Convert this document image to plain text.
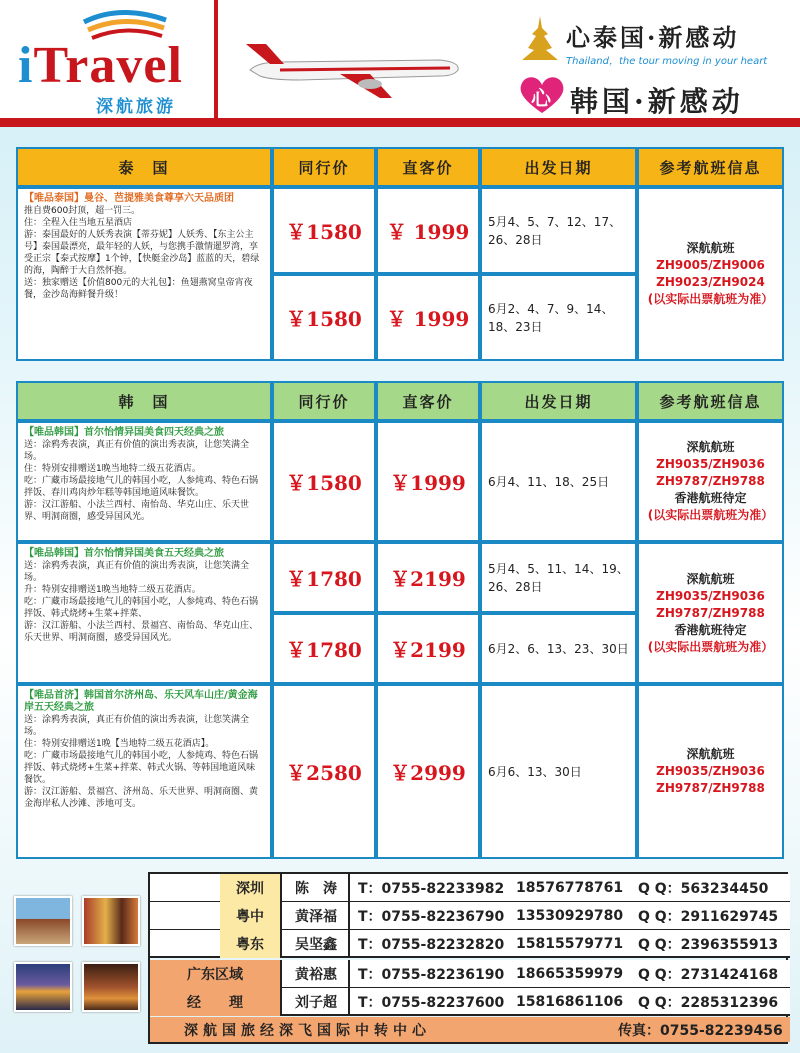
iTravel
深航旅游
心泰国·新感动
Thailand，the tour moving in your heart
心 韩国·新感动
泰　国	同行价	直客价	出发日期	参考航班信息
【唯品泰国】曼谷、芭提雅美食尊享六天品质团
推自费600封顶，超一罚三。
住：全程入住当地五星酒店
游：泰国最好的人妖秀表演【蒂芬妮】人妖秀、【东主公主号】泰国最漂亮，最年轻的人妖，与您携手激情暹罗湾，享受正宗【泰式按摩】1个钟，【快艇金沙岛】蓝蓝的天，碧绿的海，陶醉于大自然怀抱。
送：独家赠送【价值800元的大礼包】：鱼翅燕窝皇帝宵夜餐，金沙岛海鲜餐升级！
￥1580	￥ 1999	5月4、5、7、12、17、26、28日
￥1580	￥ 1999	6月2、4、7、9、14、18、23日
深航航班
ZH9005/ZH9006
ZH9023/ZH9024
(以实际出票航班为准）
韩　国	同行价	直客价	出发日期	参考航班信息
【唯品韩国】首尔怡情异国美食四天经典之旅
送：涂鸦秀表演，真正有价值的演出秀表演，让您笑满全场。
住：特别安排赠送1晚当地特二级五花酒店。
吃：广藏市场最接地气儿的韩国小吃，人参炖鸡、特色石锅拌饭、春川鸡肉炒年糕等韩国地道风味餐饮。
游：汉江游船、小法兰西村、南怡岛、华克山庄、乐天世界、明洞商圈，感受异国风光。
￥1580	￥1999	6月4、11、18、25日
深航航班
ZH9035/ZH9036
ZH9787/ZH9788
香港航班待定
(以实际出票航班为准）
【唯品韩国】首尔怡情异国美食五天经典之旅
送：涂鸦秀表演，真正有价值的演出秀表演，让您笑满全场。
升：特别安排赠送1晚当地特二级五花酒店。
吃：广藏市场最接地气儿的韩国小吃，人参炖鸡、特色石锅拌饭、韩式烧烤+生菜+拌菜、
游：汉江游船、小法兰西村、景福宫、南怡岛、华克山庄、乐天世界、明洞商圈，感受异国风光。
￥1780	￥2199	5月4、5、11、14、19、26、28日
￥1780	￥2199	6月2、6、13、23、30日
深航航班
ZH9035/ZH9036
ZH9787/ZH9788
香港航班待定
(以实际出票航班为准）
【唯品首济】韩国首尔济州岛、乐天风车山庄/黄金海岸五天经典之旅
送：涂鸦秀表演，真正有价值的演出秀表演，让您笑满全场。
住：特别安排赠送1晚【当地特二级五花酒店】。
吃：广藏市场最接地气儿的韩国小吃，人参炖鸡、特色石锅拌饭、韩式烧烤+生菜+拌菜、韩式火锅、等韩国地道风味餐饮。
游：汉江游船、景福宫、济州岛、乐天世界、明洞商圈、黄金海岸私人沙滩、涉地可支。
￥2580	￥2999	6月6、13、30日
深航航班
ZH9035/ZH9036
ZH9787/ZH9788
深圳	陈　涛	T：0755-82233982 18576778761 Q Q：563234450
粤中	黄泽福	T：0755-82236790 13530929780 Q Q：2911629745
粤东	吴坚鑫	T：0755-82232820 15815579771 Q Q：2396355913
广东区域	黄裕惠	T：0755-82236190 18665359979 Q Q：2731424168
经　　理	刘子超	T：0755-82237600 15816861106 Q Q：2285312396
深航国旅经深飞国际中转中心	传真：0755-82239456
